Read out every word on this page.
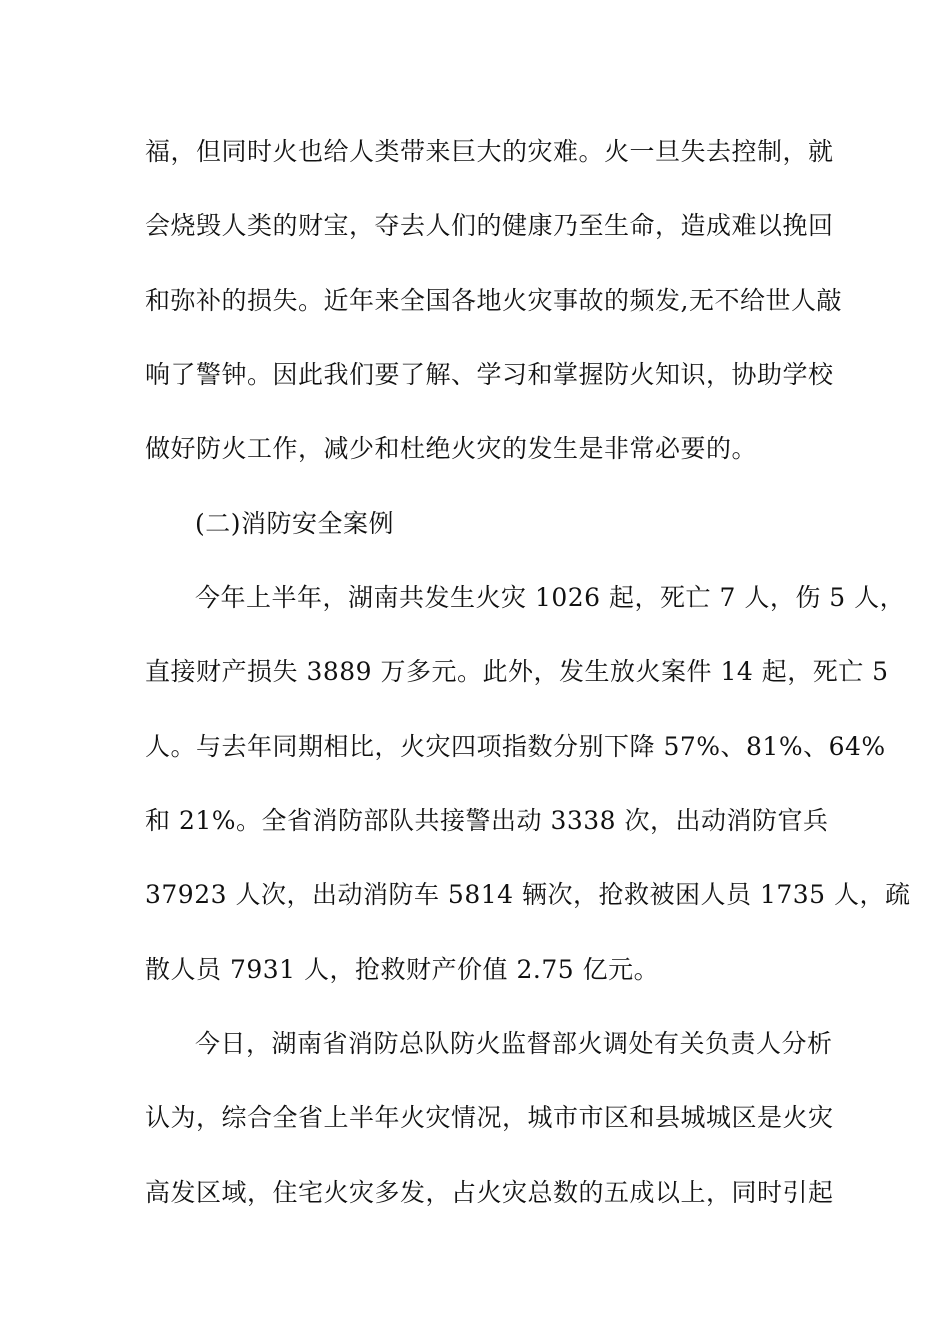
福，但同时火也给人类带来巨大的灾难。火一旦失去控制，就
会烧毁人类的财宝，夺去人们的健康乃至生命，造成难以挽回
和弥补的损失。近年来全国各地火灾事故的频发,无不给世人敲
响了警钟。因此我们要了解、学习和掌握防火知识，协助学校
做好防火工作，减少和杜绝火灾的发生是非常必要的。
(二)消防安全案例
今年上半年，湖南共发生火灾 1026 起，死亡 7 人，伤 5 人，
直接财产损失 3889 万多元。此外，发生放火案件 14 起，死亡 5
人。与去年同期相比，火灾四项指数分别下降 57%、81%、64%
和 21%。全省消防部队共接警出动 3338 次，出动消防官兵
37923 人次，出动消防车 5814 辆次，抢救被困人员 1735 人，疏
散人员 7931 人，抢救财产价值 2.75 亿元。
今日，湖南省消防总队防火监督部火调处有关负责人分析
认为，综合全省上半年火灾情况，城市市区和县城城区是火灾
高发区域，住宅火灾多发，占火灾总数的五成以上，同时引起
